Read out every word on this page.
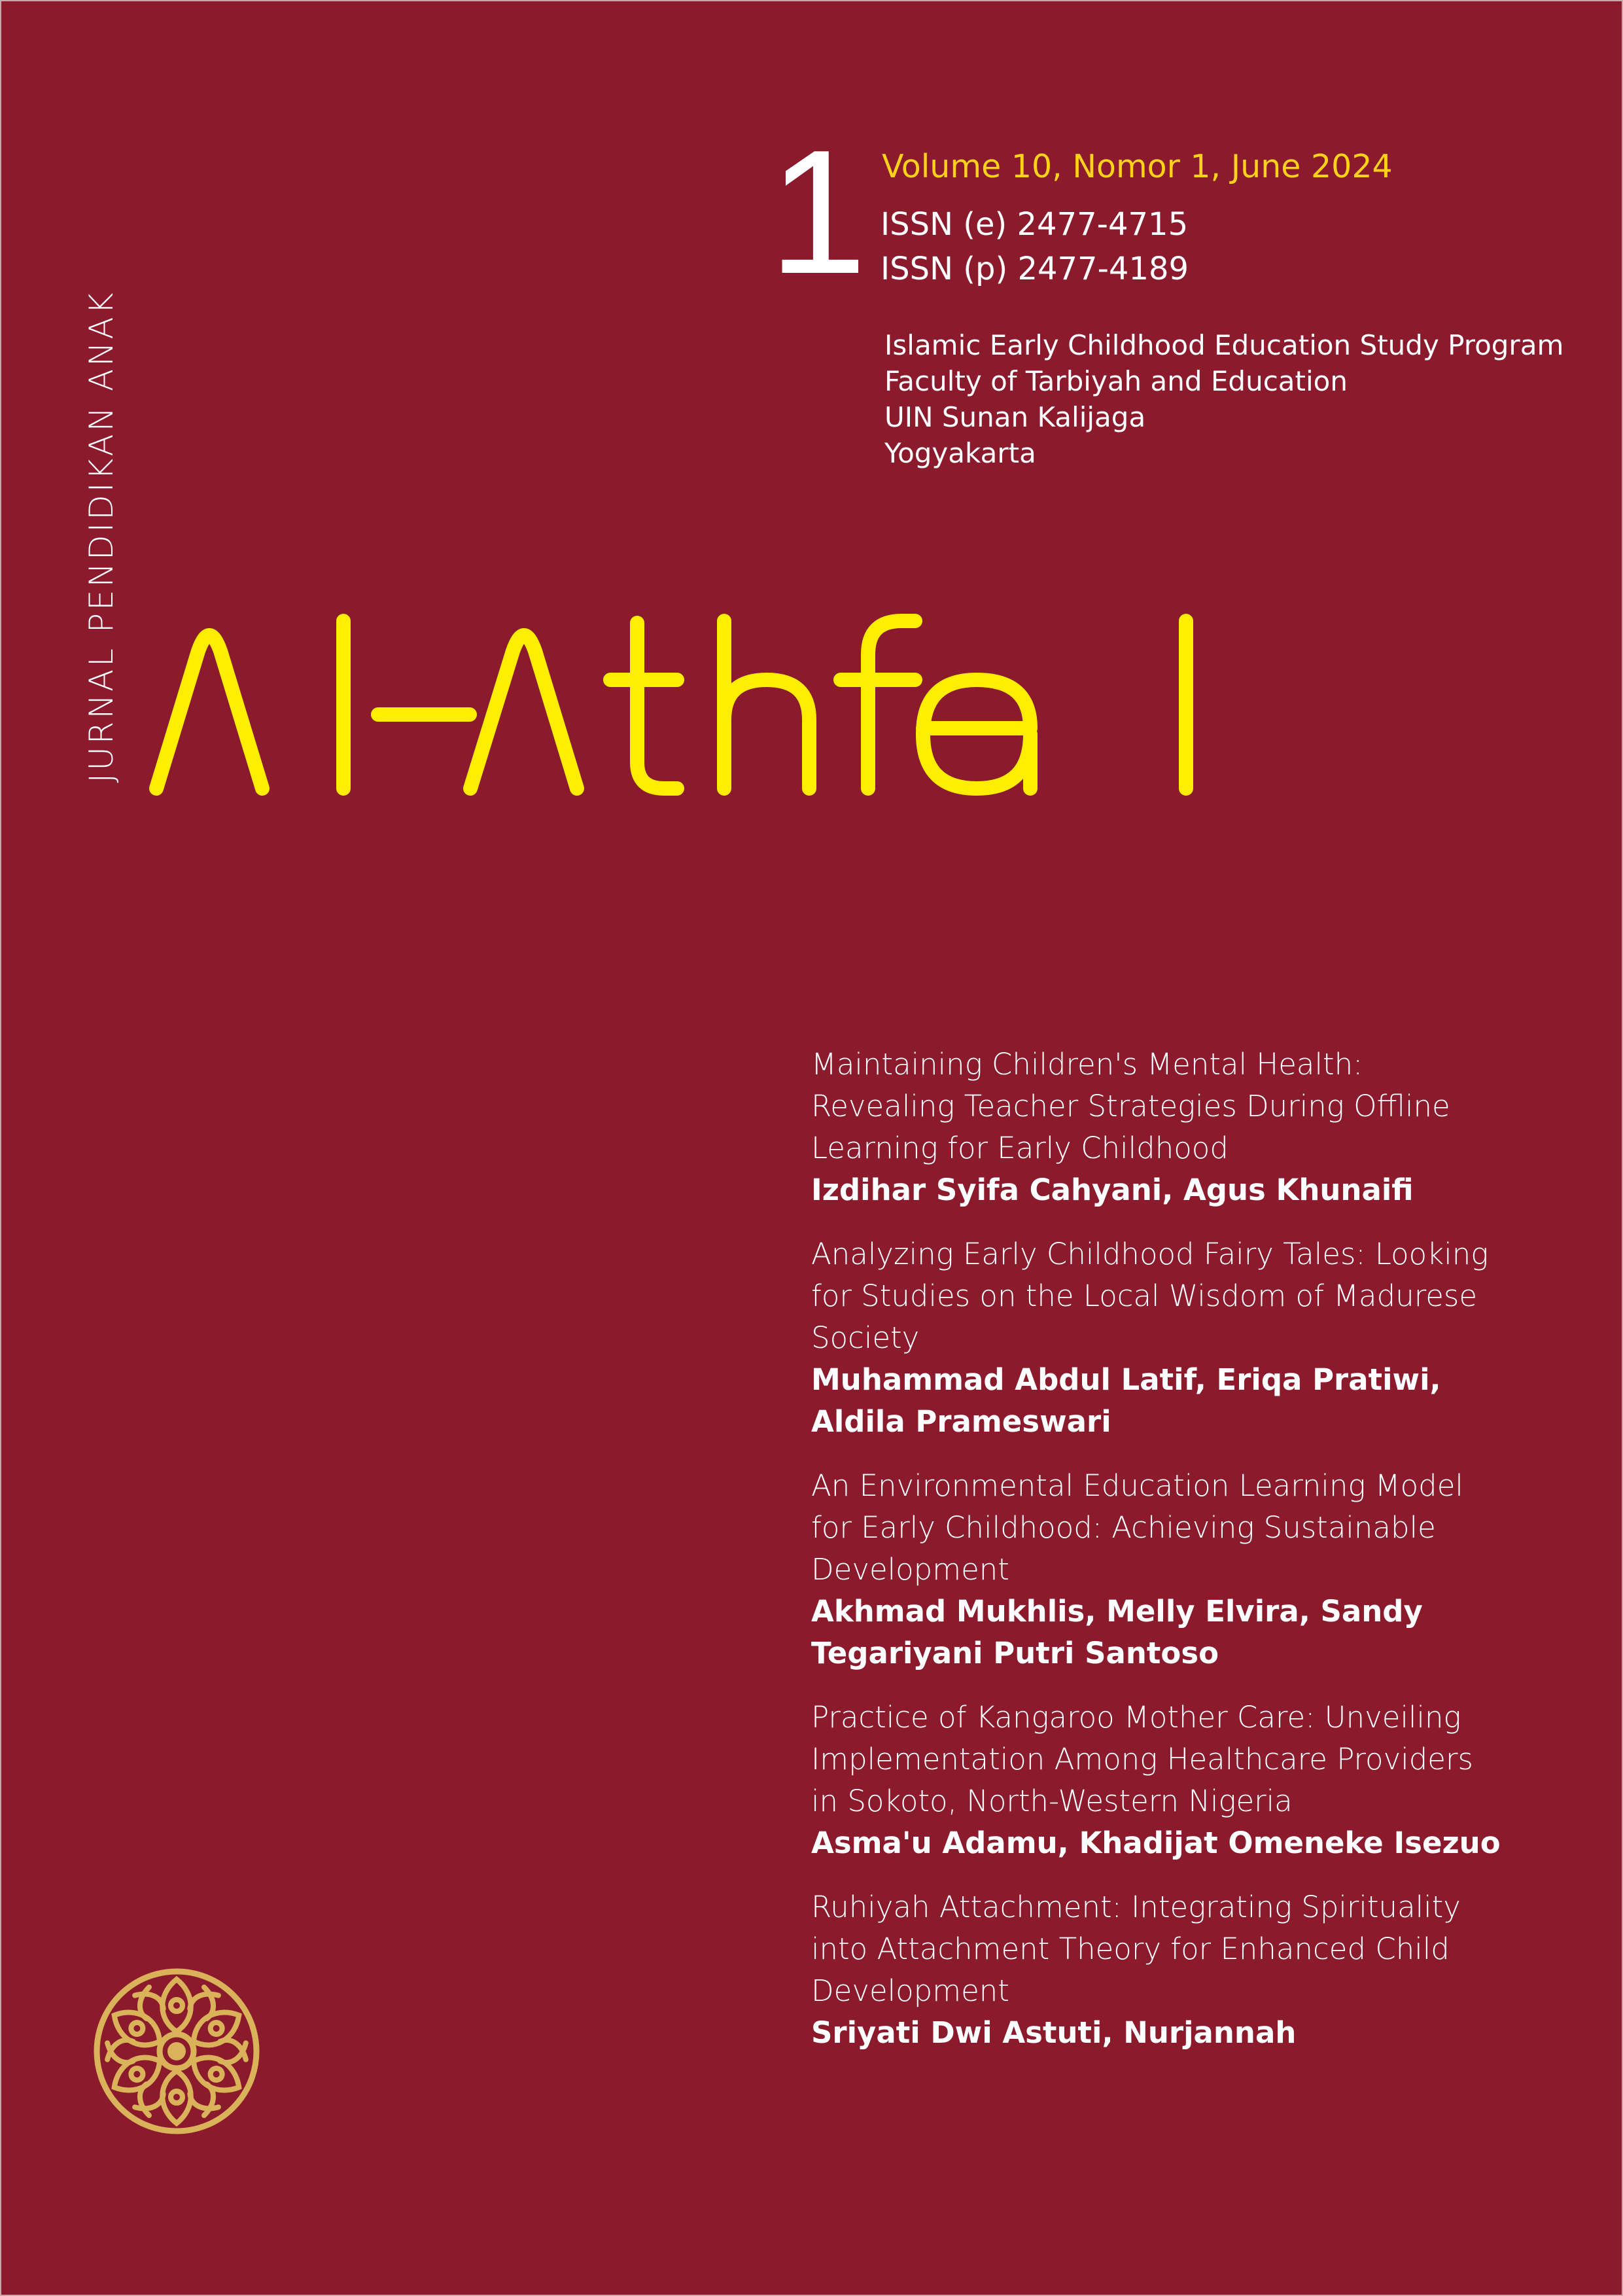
1 Volume 10, Nomor 1, June 2024
ISSN (e) 2477-4715
ISSN (p) 2477-4189
Islamic Early Childhood Education Study Program
Faculty of Tarbiyah and Education
UIN Sunan Kalijaga
Yogyakarta
JURNAL PENDIDIKAN ANAK
Maintaining Children's Mental Health:
Revealing Teacher Strategies During Offline
Learning for Early Childhood
Izdihar Syifa Cahyani, Agus Khunaifi
Analyzing Early Childhood Fairy Tales: Looking
for Studies on the Local Wisdom of Madurese
Society
Muhammad Abdul Latif, Eriqa Pratiwi,
Aldila Prameswari
An Environmental Education Learning Model
for Early Childhood: Achieving Sustainable
Development
Akhmad Mukhlis, Melly Elvira, Sandy
Tegariyani Putri Santoso
Practice of Kangaroo Mother Care: Unveiling
Implementation Among Healthcare Providers
in Sokoto, North-Western Nigeria
Asma'u Adamu, Khadijat Omeneke Isezuo
Ruhiyah Attachment: Integrating Spirituality
into Attachment Theory for Enhanced Child
Development
Sriyati Dwi Astuti, Nurjannah
